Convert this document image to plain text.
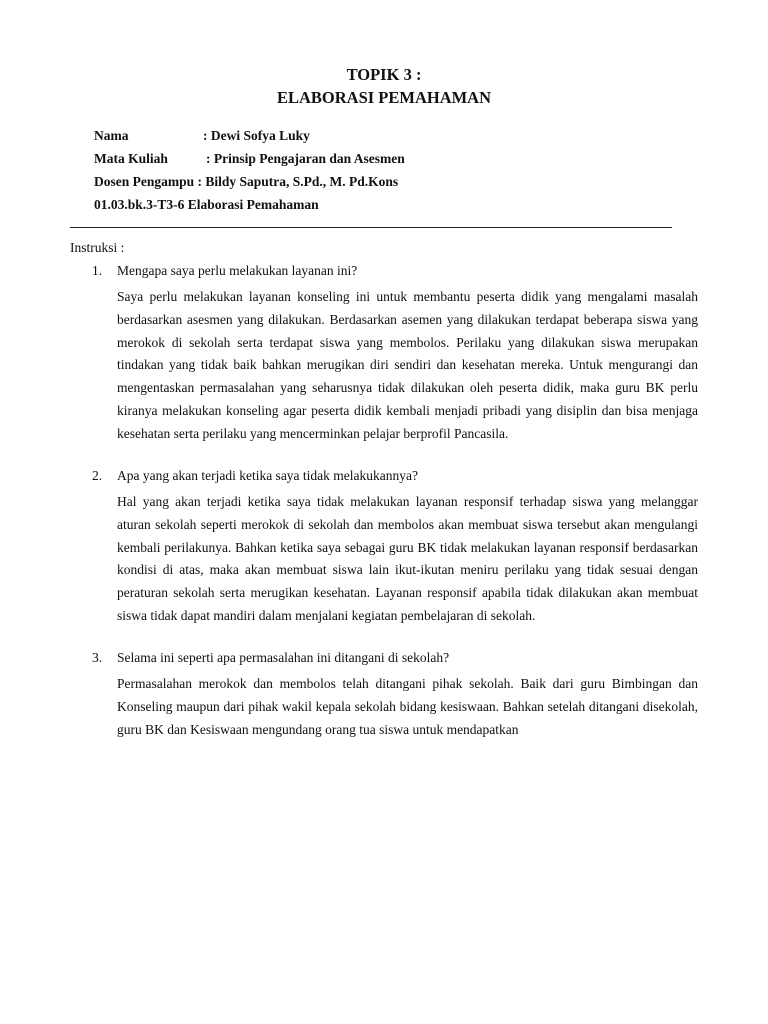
TOPIK 3 :
ELABORASI PEMAHAMAN
Nama	: Dewi Sofya Luky
Mata Kuliah	: Prinsip Pengajaran dan Asesmen
Dosen Pengampu : Bildy Saputra, S.Pd., M. Pd.Kons
01.03.bk.3-T3-6 Elaborasi Pemahaman
Instruksi :
1.	Mengapa saya perlu melakukan layanan ini?

Saya perlu melakukan layanan konseling ini untuk membantu peserta didik yang mengalami masalah berdasarkan asesmen yang dilakukan. Berdasarkan asemen yang dilakukan terdapat beberapa siswa yang merokok di sekolah serta terdapat siswa yang membolos. Perilaku yang dilakukan siswa merupakan tindakan yang tidak baik bahkan merugikan diri sendiri dan kesehatan mereka. Untuk mengurangi dan mengentaskan permasalahan yang seharusnya tidak dilakukan oleh peserta didik, maka guru BK perlu kiranya melakukan konseling agar peserta didik kembali menjadi pribadi yang disiplin dan bisa menjaga kesehatan serta perilaku yang mencerminkan pelajar berprofil Pancasila.

2.	Apa yang akan terjadi ketika saya tidak melakukannya?

Hal yang akan terjadi ketika saya tidak melakukan layanan responsif terhadap siswa yang melanggar aturan sekolah seperti merokok di sekolah dan membolos akan membuat siswa tersebut akan mengulangi kembali perilakunya. Bahkan ketika saya sebagai guru BK tidak melakukan layanan responsif berdasarkan kondisi di atas, maka akan membuat siswa lain ikut-ikutan meniru perilaku yang tidak sesuai dengan peraturan sekolah serta merugikan kesehatan. Layanan responsif apabila tidak dilakukan akan membuat siswa tidak dapat mandiri dalam menjalani kegiatan pembelajaran di sekolah.

3.	Selama ini seperti apa permasalahan ini ditangani di sekolah?

Permasalahan merokok dan membolos telah ditangani pihak sekolah. Baik dari guru Bimbingan dan Konseling maupun dari pihak wakil kepala sekolah bidang kesiswaan. Bahkan setelah ditangani disekolah, guru BK dan Kesiswaan mengundang orang tua siswa untuk mendapatkan
